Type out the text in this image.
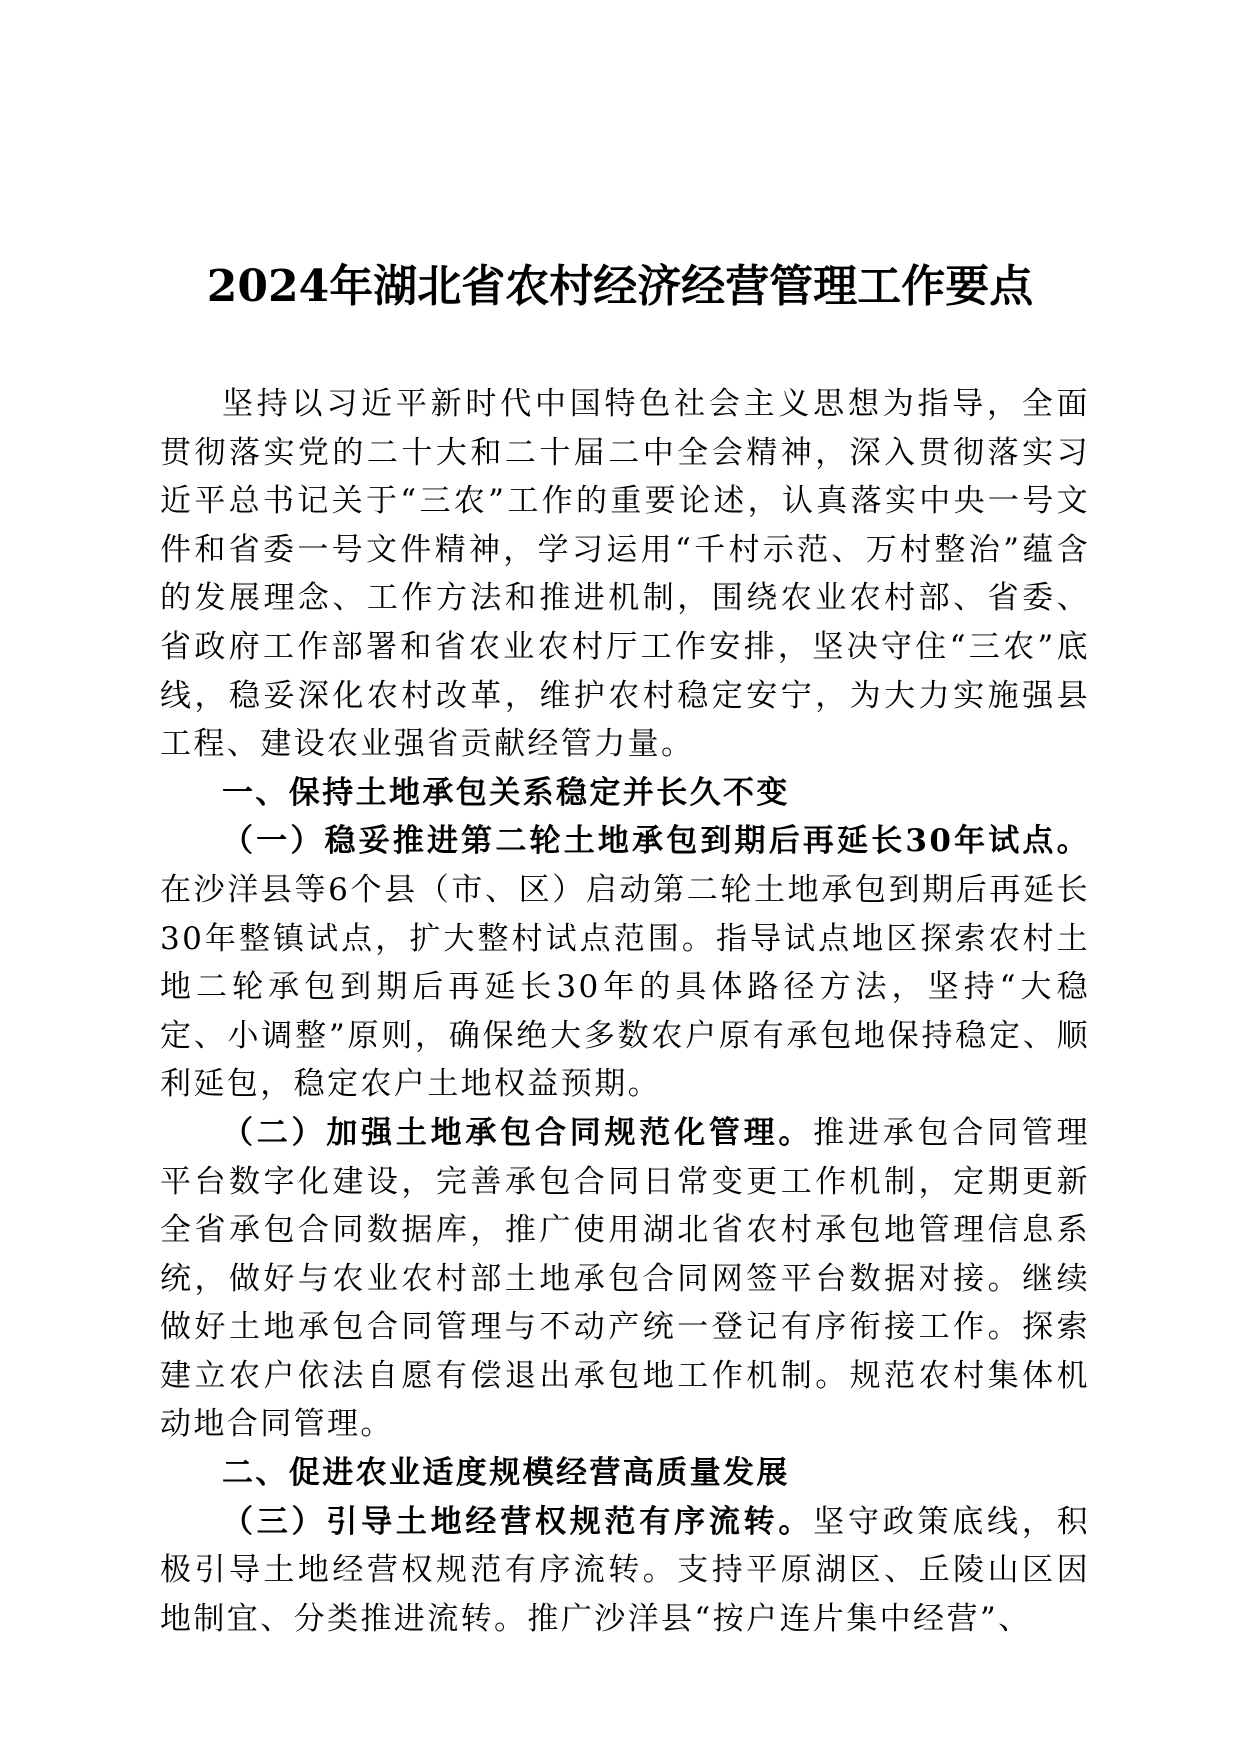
2024年湖北省农村经济经营管理工作要点

坚持以习近平新时代中国特色社会主义思想为指导，全面贯彻落实党的二十大和二十届二中全会精神，深入贯彻落实习近平总书记关于“三农”工作的重要论述，认真落实中央一号文件和省委一号文件精神，学习运用“千村示范、万村整治”蕴含的发展理念、工作方法和推进机制，围绕农业农村部、省委、省政府工作部署和省农业农村厅工作安排，坚决守住“三农”底线，稳妥深化农村改革，维护农村稳定安宁，为大力实施强县工程、建设农业强省贡献经管力量。

一、保持土地承包关系稳定并长久不变

（一）稳妥推进第二轮土地承包到期后再延长30年试点。在沙洋县等6个县（市、区）启动第二轮土地承包到期后再延长30年整镇试点，扩大整村试点范围。指导试点地区探索农村土地二轮承包到期后再延长30年的具体路径方法，坚持“大稳定、小调整”原则，确保绝大多数农户原有承包地保持稳定、顺利延包，稳定农户土地权益预期。

（二）加强土地承包合同规范化管理。推进承包合同管理平台数字化建设，完善承包合同日常变更工作机制，定期更新全省承包合同数据库，推广使用湖北省农村承包地管理信息系统，做好与农业农村部土地承包合同网签平台数据对接。继续做好土地承包合同管理与不动产统一登记有序衔接工作。探索建立农户依法自愿有偿退出承包地工作机制。规范农村集体机动地合同管理。

二、促进农业适度规模经营高质量发展

（三）引导土地经营权规范有序流转。坚守政策底线，积极引导土地经营权规范有序流转。支持平原湖区、丘陵山区因地制宜、分类推进流转。推广沙洋县“按户连片集中经营”、
